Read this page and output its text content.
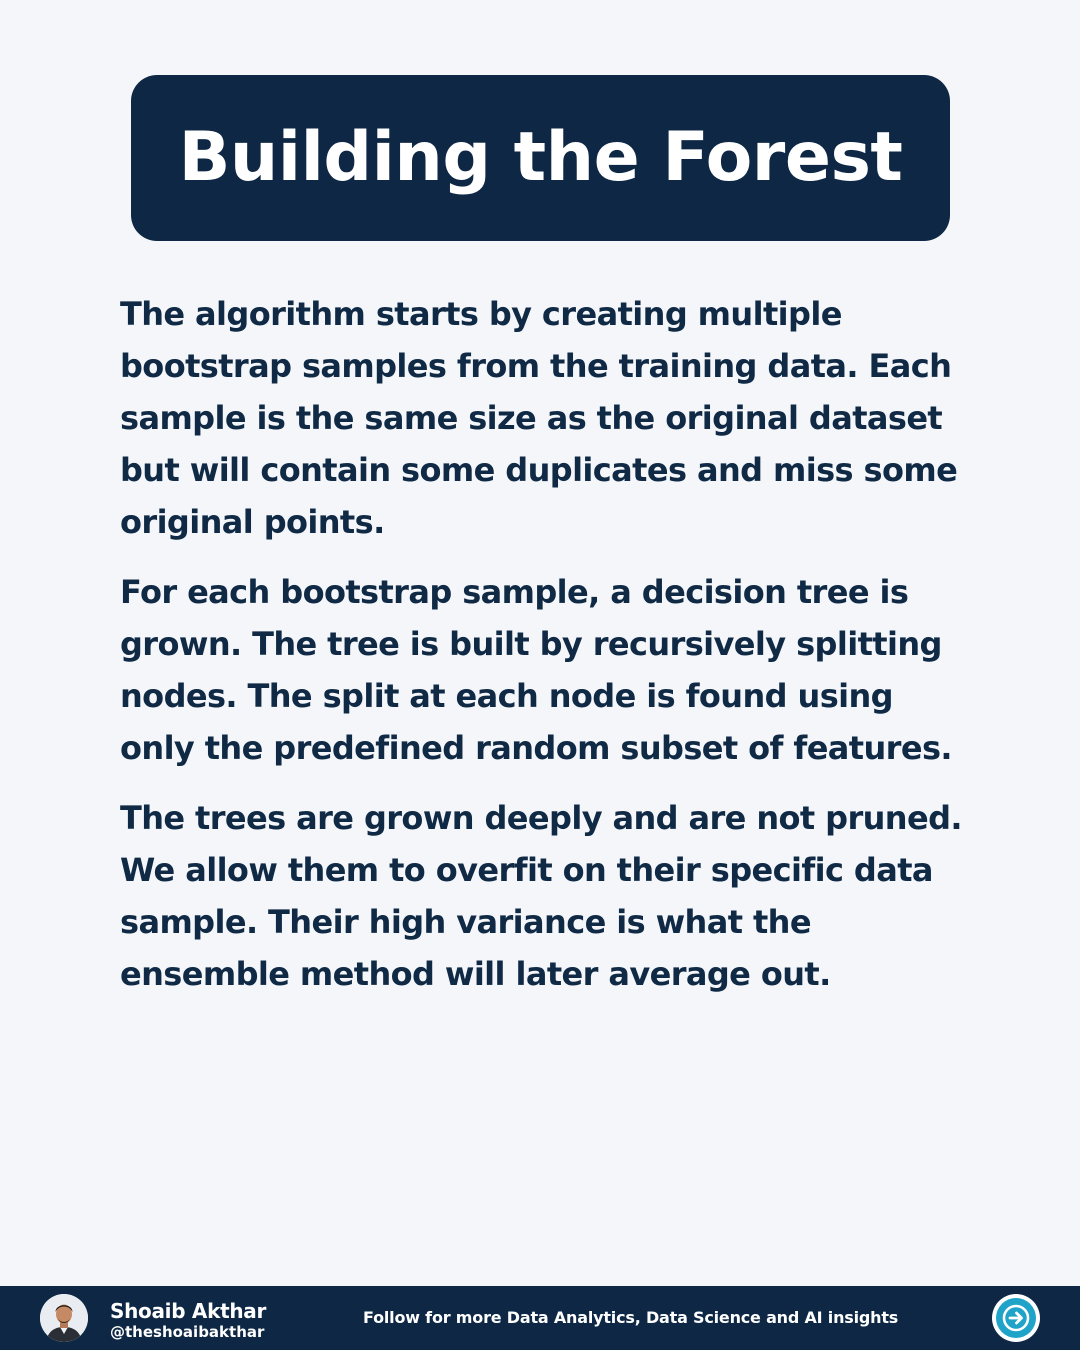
Building the Forest

The algorithm starts by creating multiple bootstrap samples from the training data. Each sample is the same size as the original dataset but will contain some duplicates and miss some original points.

For each bootstrap sample, a decision tree is grown. The tree is built by recursively splitting nodes. The split at each node is found using only the predefined random subset of features.

The trees are grown deeply and are not pruned. We allow them to overfit on their specific data sample. Their high variance is what the ensemble method will later average out.

Shoaib Akthar
@theshoaibakthar
Follow for more Data Analytics, Data Science and AI insights
